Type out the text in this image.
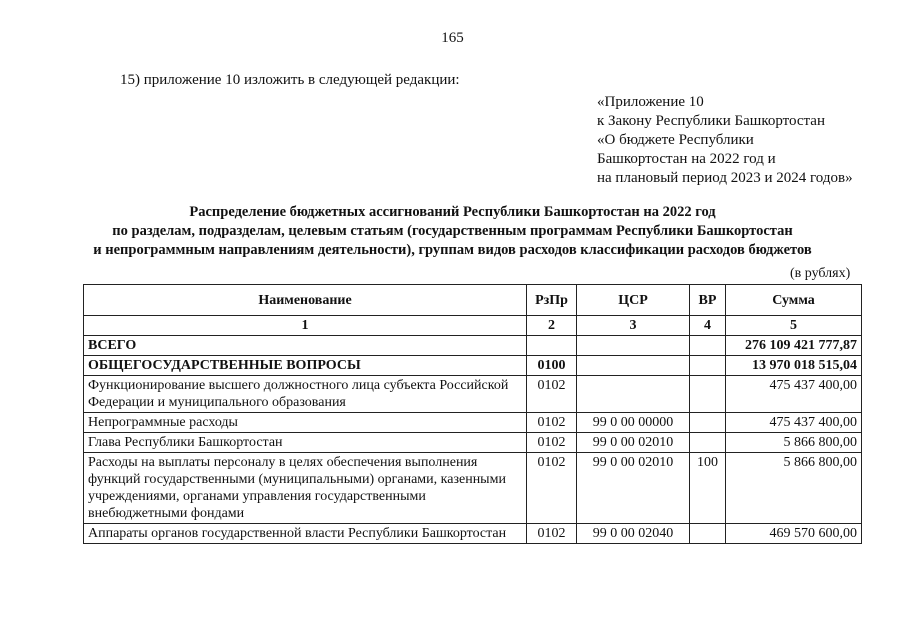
165
15) приложение 10 изложить в следующей редакции:
«Приложение 10
к Закону Республики Башкортостан
«О бюджете Республики
Башкортостан на 2022 год и
на плановый период 2023 и 2024 годов»
Распределение бюджетных ассигнований Республики Башкортостан на 2022 год
по разделам, подразделам, целевым статьям (государственным программам Республики Башкортостан
и непрограммным направлениям деятельности), группам видов расходов классификации расходов бюджетов
(в рублях)
Наименование	РзПр	ЦСР	ВР	Сумма
1	2	3	4	5
ВСЕГО				276 109 421 777,87
ОБЩЕГОСУДАРСТВЕННЫЕ ВОПРОСЫ	0100			13 970 018 515,04
Функционирование высшего должностного лица субъекта Российской Федерации и муниципального образования	0102			475 437 400,00
Непрограммные расходы	0102	99 0 00 00000		475 437 400,00
Глава Республики Башкортостан	0102	99 0 00 02010		5 866 800,00
Расходы на выплаты персоналу в целях обеспечения выполнения функций государственными (муниципальными) органами, казенными учреждениями, органами управления государственными внебюджетными фондами	0102	99 0 00 02010	100	5 866 800,00
Аппараты органов государственной власти Республики Башкортостан	0102	99 0 00 02040		469 570 600,00
